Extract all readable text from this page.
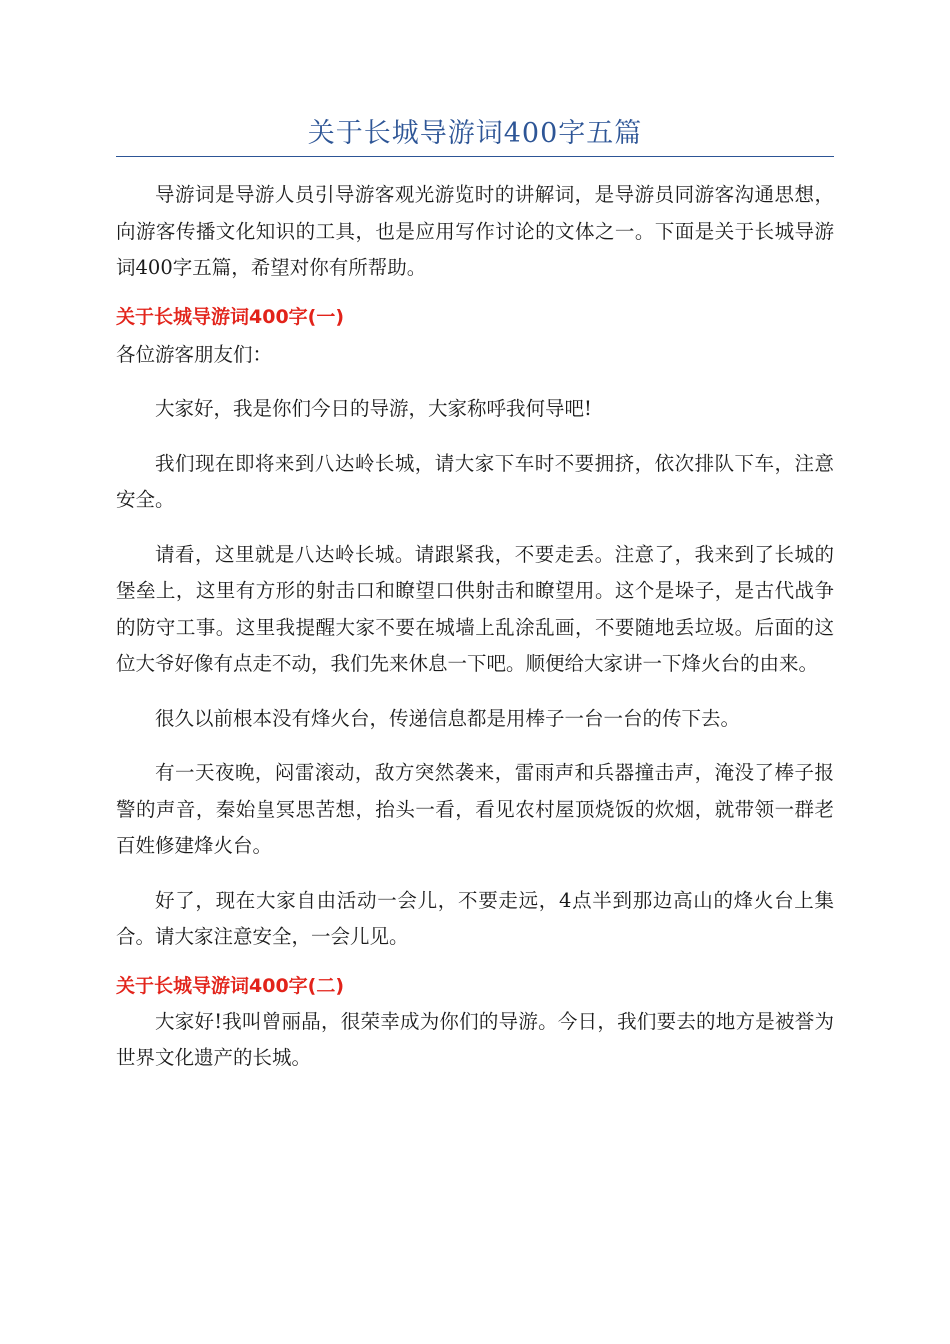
关于长城导游词400字五篇

导游词是导游人员引导游客观光游览时的讲解词，是导游员同游客沟通思想，向游客传播文化知识的工具，也是应用写作讨论的文体之一。下面是关于长城导游词400字五篇，希望对你有所帮助。

关于长城导游词400字(一)

各位游客朋友们：

大家好，我是你们今日的导游，大家称呼我何导吧!

我们现在即将来到八达岭长城，请大家下车时不要拥挤，依次排队下车，注意安全。

请看，这里就是八达岭长城。请跟紧我，不要走丢。注意了，我来到了长城的堡垒上，这里有方形的射击口和瞭望口供射击和瞭望用。这个是垛子，是古代战争的防守工事。这里我提醒大家不要在城墙上乱涂乱画，不要随地丢垃圾。后面的这位大爷好像有点走不动，我们先来休息一下吧。顺便给大家讲一下烽火台的由来。

很久以前根本没有烽火台，传递信息都是用棒子一台一台的传下去。

有一天夜晚，闷雷滚动，敌方突然袭来，雷雨声和兵器撞击声，淹没了棒子报警的声音，秦始皇冥思苦想，抬头一看，看见农村屋顶烧饭的炊烟，就带领一群老百姓修建烽火台。

好了，现在大家自由活动一会儿，不要走远，4点半到那边高山的烽火台上集合。请大家注意安全，一会儿见。

关于长城导游词400字(二)

大家好!我叫曾丽晶，很荣幸成为你们的导游。今日，我们要去的地方是被誉为世界文化遗产的长城。
